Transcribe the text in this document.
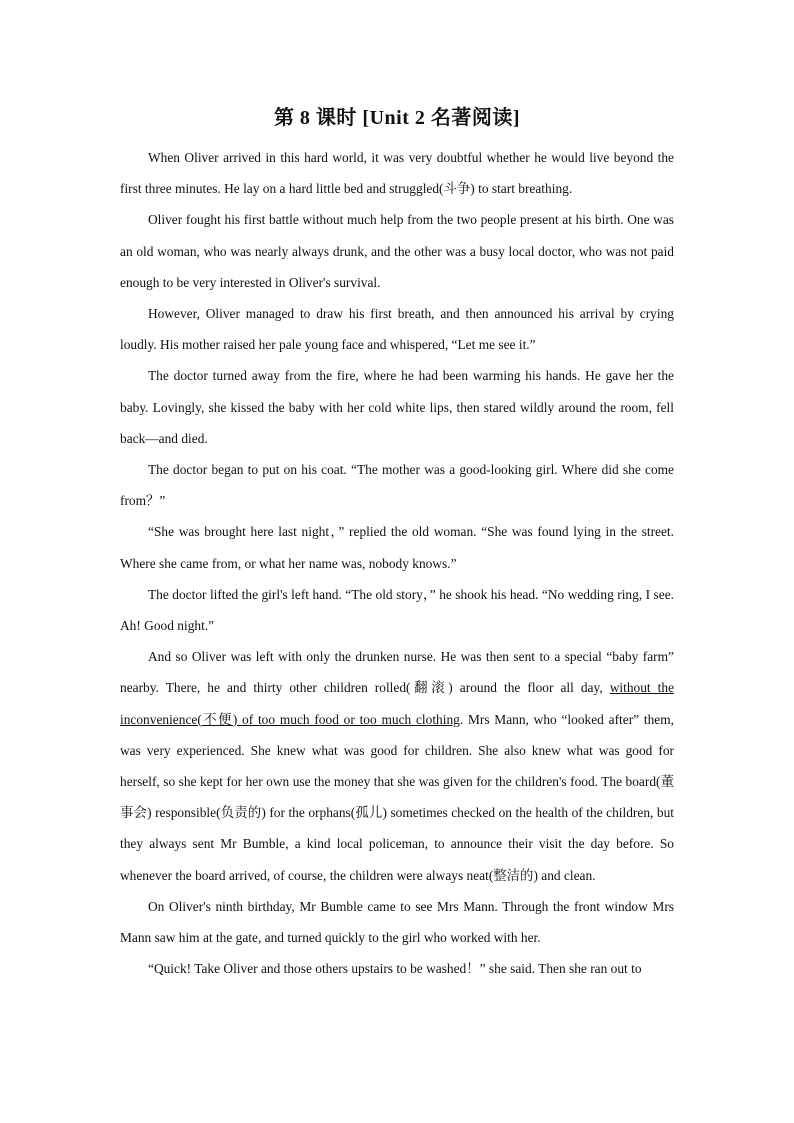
第 8 课时 [Unit 2 名著阅读]

When Oliver arrived in this hard world, it was very doubtful whether he would live beyond the first three minutes. He lay on a hard little bed and struggled(斗争) to start breathing.

Oliver fought his first battle without much help from the two people present at his birth. One was an old woman, who was nearly always drunk, and the other was a busy local doctor, who was not paid enough to be very interested in Oliver's survival.

However, Oliver managed to draw his first breath, and then announced his arrival by crying loudly. His mother raised her pale young face and whispered, “Let me see it.”

The doctor turned away from the fire, where he had been warming his hands. He gave her the baby. Lovingly, she kissed the baby with her cold white lips, then stared wildly around the room, fell back—and died.

The doctor began to put on his coat. “The mother was a good-looking girl. Where did she come from？”

“She was brought here last night，” replied the old woman. “She was found lying in the street. Where she came from, or what her name was, nobody knows.”

The doctor lifted the girl's left hand. “The old story，” he shook his head. “No wedding ring, I see. Ah! Good night.”

And so Oliver was left with only the drunken nurse. He was then sent to a special “baby farm” nearby. There, he and thirty other children rolled(翻滚) around the floor all day, without the inconvenience(不便) of too much food or too much clothing. Mrs Mann, who “looked after” them, was very experienced. She knew what was good for children. She also knew what was good for herself, so she kept for her own use the money that she was given for the children's food. The board(董事会) responsible(负责的) for the orphans(孤儿) sometimes checked on the health of the children, but they always sent Mr Bumble, a kind local policeman, to announce their visit the day before. So whenever the board arrived, of course, the children were always neat(整洁的) and clean.

On Oliver's ninth birthday, Mr Bumble came to see Mrs Mann. Through the front window Mrs Mann saw him at the gate, and turned quickly to the girl who worked with her.

“Quick! Take Oliver and those others upstairs to be washed！” she said. Then she ran out to
